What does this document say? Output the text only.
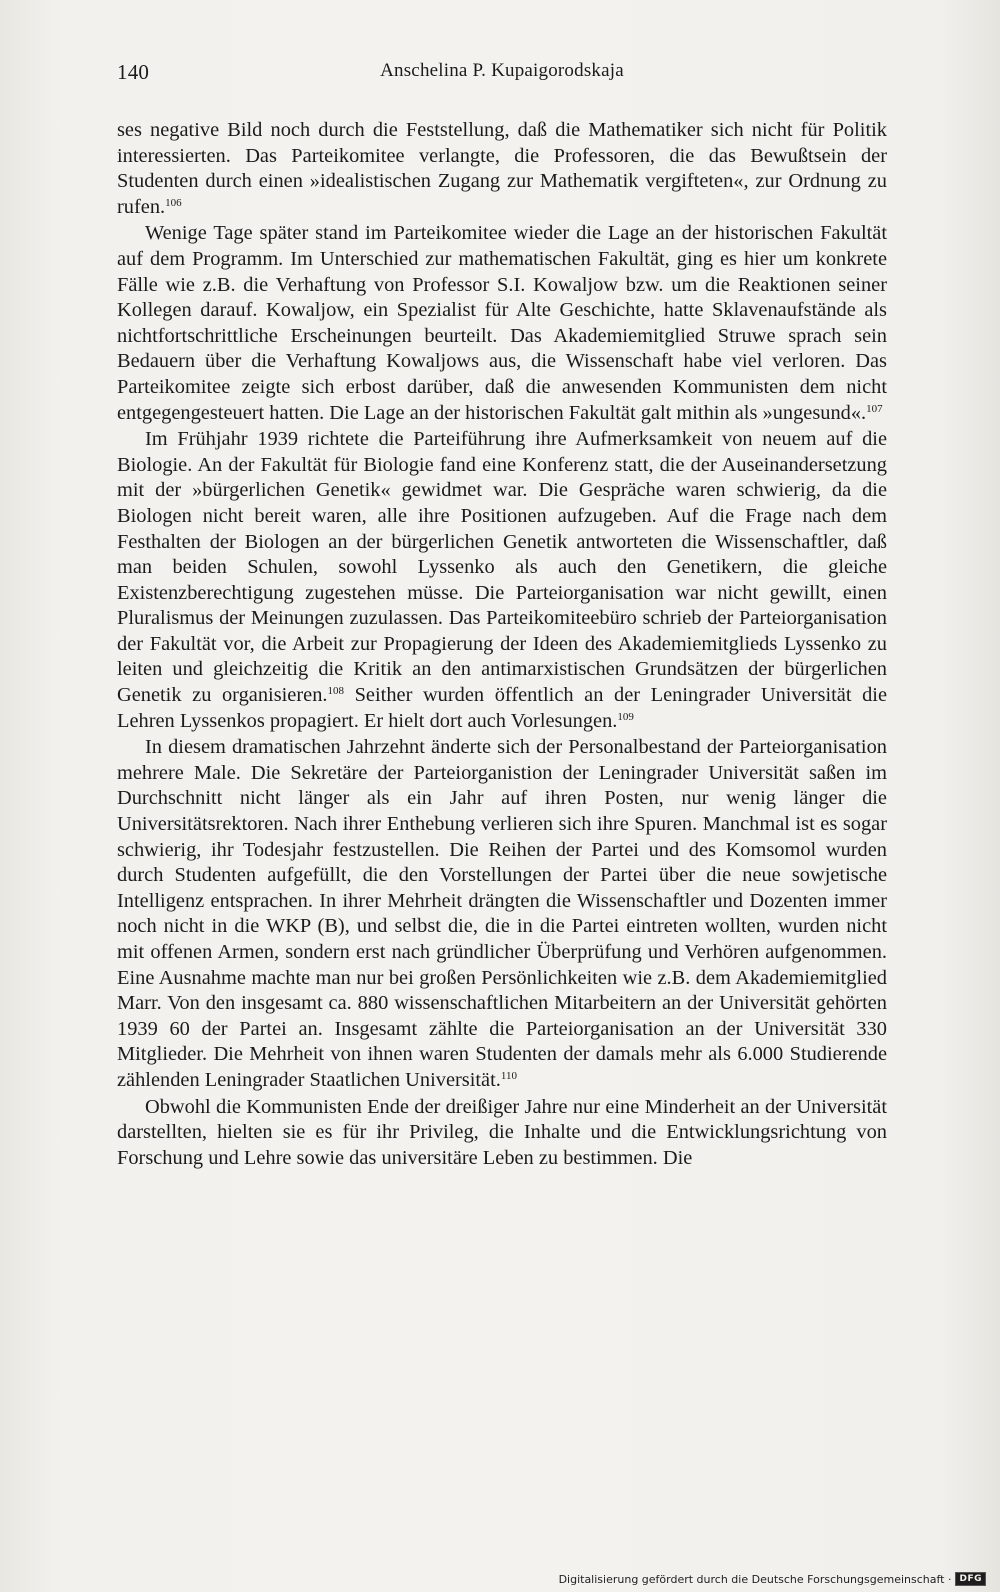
140	Anschelina P. Kupaigorodskaja

ses negative Bild noch durch die Feststellung, daß die Mathematiker sich nicht für Politik interessierten. Das Parteikomitee verlangte, die Professoren, die das Bewußtsein der Studenten durch einen »idealistischen Zugang zur Mathematik vergifteten«, zur Ordnung zu rufen.$^{106}$

Wenige Tage später stand im Parteikomitee wieder die Lage an der historischen Fakultät auf dem Programm. Im Unterschied zur mathematischen Fakultät, ging es hier um konkrete Fälle wie z.B. die Verhaftung von Professor S.I. Kowaljow bzw. um die Reaktionen seiner Kollegen darauf. Kowaljow, ein Spezialist für Alte Geschichte, hatte Sklavenaufstände als nichtfortschrittliche Erscheinungen beurteilt. Das Akademiemitglied Struwe sprach sein Bedauern über die Verhaftung Kowaljows aus, die Wissenschaft habe viel verloren. Das Parteikomitee zeigte sich erbost darüber, daß die anwesenden Kommunisten dem nicht entgegengesteuert hatten. Die Lage an der historischen Fakultät galt mithin als »ungesund«.$^{107}$

Im Frühjahr 1939 richtete die Parteiführung ihre Aufmerksamkeit von neuem auf die Biologie. An der Fakultät für Biologie fand eine Konferenz statt, die der Auseinandersetzung mit der »bürgerlichen Genetik« gewidmet war. Die Gespräche waren schwierig, da die Biologen nicht bereit waren, alle ihre Positionen aufzugeben. Auf die Frage nach dem Festhalten der Biologen an der bürgerlichen Genetik antworteten die Wissenschaftler, daß man beiden Schulen, sowohl Lyssenko als auch den Genetikern, die gleiche Existenzberechtigung zugestehen müsse. Die Parteiorganisation war nicht gewillt, einen Pluralismus der Meinungen zuzulassen. Das Parteikomiteebüro schrieb der Parteiorganisation der Fakultät vor, die Arbeit zur Propagierung der Ideen des Akademiemitglieds Lyssenko zu leiten und gleichzeitig die Kritik an den antimarxistischen Grundsätzen der bürgerlichen Genetik zu organisieren.$^{108}$ Seither wurden öffentlich an der Leningrader Universität die Lehren Lyssenkos propagiert. Er hielt dort auch Vorlesungen.$^{109}$

In diesem dramatischen Jahrzehnt änderte sich der Personalbestand der Parteiorganisation mehrere Male. Die Sekretäre der Parteiorganistion der Leningrader Universität saßen im Durchschnitt nicht länger als ein Jahr auf ihren Posten, nur wenig länger die Universitätsrektoren. Nach ihrer Enthebung verlieren sich ihre Spuren. Manchmal ist es sogar schwierig, ihr Todesjahr festzustellen. Die Reihen der Partei und des Komsomol wurden durch Studenten aufgefüllt, die den Vorstellungen der Partei über die neue sowjetische Intelligenz entsprachen. In ihrer Mehrheit drängten die Wissenschaftler und Dozenten immer noch nicht in die WKP (B), und selbst die, die in die Partei eintreten wollten, wurden nicht mit offenen Armen, sondern erst nach gründlicher Überprüfung und Verhören aufgenommen. Eine Ausnahme machte man nur bei großen Persönlichkeiten wie z.B. dem Akademiemitglied Marr. Von den insgesamt ca. 880 wissenschaftlichen Mitarbeitern an der Universität gehörten 1939 60 der Partei an. Insgesamt zählte die Parteiorganisation an der Universität 330 Mitglieder. Die Mehrheit von ihnen waren Studenten der damals mehr als 6.000 Studierende zählenden Leningrader Staatlichen Universität.$^{110}$

Obwohl die Kommunisten Ende der dreißiger Jahre nur eine Minderheit an der Universität darstellten, hielten sie es für ihr Privileg, die Inhalte und die Entwicklungsrichtung von Forschung und Lehre sowie das universitäre Leben zu bestimmen. Die

Digitalisierung gefördert durch die Deutsche Forschungsgemeinschaft · DFG
